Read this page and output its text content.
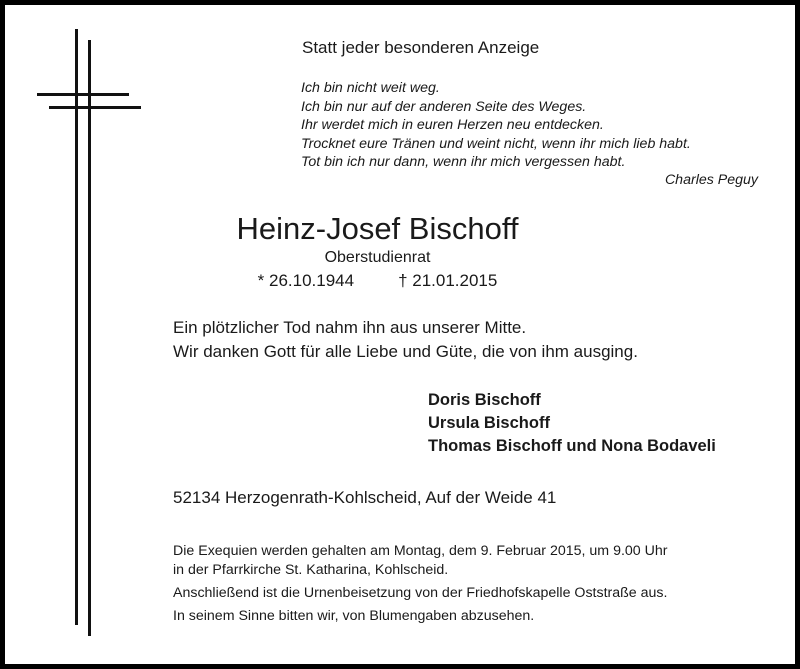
Statt jeder besonderen Anzeige
Ich bin nicht weit weg.
Ich bin nur auf der anderen Seite des Weges.
Ihr werdet mich in euren Herzen neu entdecken.
Trocknet eure Tränen und weint nicht, wenn ihr mich lieb habt.
Tot bin ich nur dann, wenn ihr mich vergessen habt.
Charles Peguy
Heinz-Josef Bischoff
Oberstudienrat
* 26.10.1944	† 21.01.2015
Ein plötzlicher Tod nahm ihn aus unserer Mitte.
Wir danken Gott für alle Liebe und Güte, die von ihm ausging.
Doris Bischoff
Ursula Bischoff
Thomas Bischoff und Nona Bodaveli
52134 Herzogenrath-Kohlscheid, Auf der Weide 41
Die Exequien werden gehalten am Montag, dem 9. Februar 2015, um 9.00 Uhr
in der Pfarrkirche St. Katharina, Kohlscheid.
Anschließend ist die Urnenbeisetzung von der Friedhofskapelle Oststraße aus.
In seinem Sinne bitten wir, von Blumengaben abzusehen.
